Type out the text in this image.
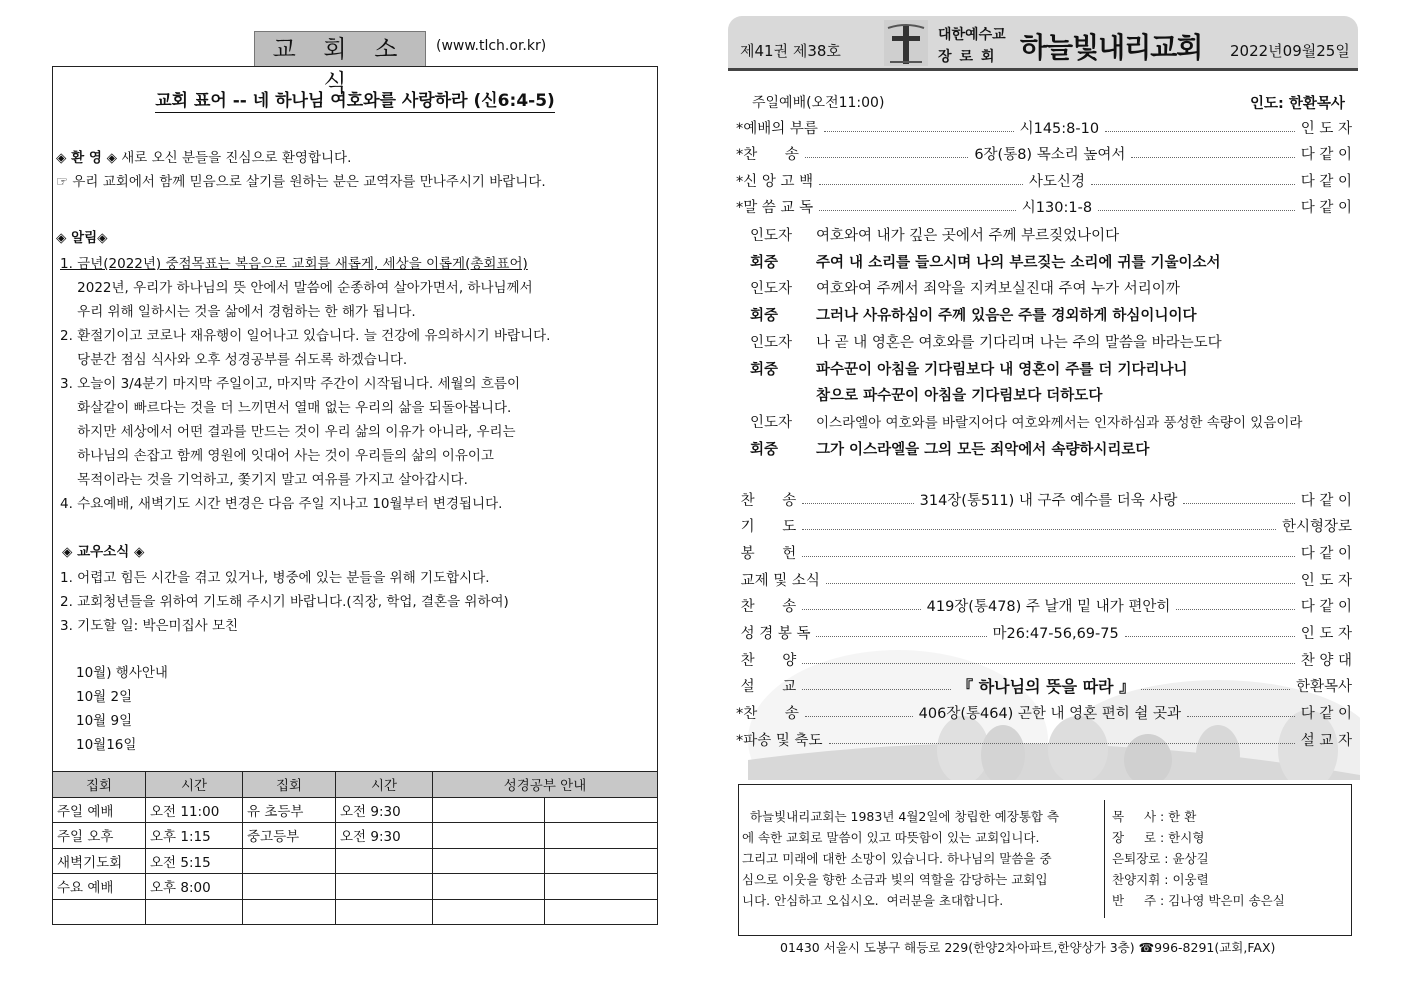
교 회 소 식
(www.tlch.or.kr)
교회 표어 -- 네 하나님 여호와를 사랑하라 (신6:4-5)
◈ 환 영 ◈ 새로 오신 분들을 진심으로 환영합니다.
☞ 우리 교회에서 함께 믿음으로 살기를 원하는 분은 교역자를 만나주시기 바랍니다.
◈ 알림◈
1. 금년(2022년) 중점목표는 복음으로 교회를 새롭게, 세상을 이롭게(총회표어)
2022년, 우리가 하나님의 뜻 안에서 말씀에 순종하여 살아가면서, 하나님께서
우리 위해 일하시는 것을 삶에서 경험하는 한 해가 됩니다.
2. 환절기이고 코로나 재유행이 일어나고 있습니다. 늘 건강에 유의하시기 바랍니다.
당분간 점심 식사와 오후 성경공부를 쉬도록 하겠습니다.
3. 오늘이 3/4분기 마지막 주일이고, 마지막 주간이 시작됩니다. 세월의 흐름이
화살같이 빠르다는 것을 더 느끼면서 열매 없는 우리의 삶을 되돌아봅니다.
하지만 세상에서 어떤 결과를 만드는 것이 우리 삶의 이유가 아니라, 우리는
하나님의 손잡고 함께 영원에 잇대어 사는 것이 우리들의 삶의 이유이고
목적이라는 것을 기억하고, 쫓기지 말고 여유를 가지고 살아갑시다.
4. 수요예배, 새벽기도 시간 변경은 다음 주일 지나고 10월부터 변경됩니다.
◈ 교우소식 ◈
1. 어렵고 힘든 시간을 겪고 있거나, 병중에 있는 분들을 위해 기도합시다.
2. 교회청년들을 위하여 기도해 주시기 바랍니다.(직장, 학업, 결혼을 위하여)
3. 기도할 일: 박은미집사 모친
10월) 행사안내
10월 2일
10월 9일
10월16일
집회	시간	집회	시간	성경공부 안내	
주일 예배	오전 11:00	유 초등부	오전 9:30		
주일 오후	오후 1:15	중고등부	오전 9:30		
새벽기도회	오전 5:15				
수요 예배	오후 8:00				

제41권 제38호
대한예수교
장로회 하늘빛내리교회 2022년09월25일
주일예배(오전11:00)	인도: 한환목사
*예배의 부름	시145:8-10	인 도 자
*찬      송	6장(통8) 목소리 높여서	다 같 이
*신 앙 고 백	사도신경	다 같 이
*말 씀 교 독	시130:1-8	다 같 이
인도자 여호와여 내가 깊은 곳에서 주께 부르짖었나이다
회중	주여 내 소리를 들으시며 나의 부르짖는 소리에 귀를 기울이소서
인도자 여호와여 주께서 죄악을 지켜보실진대 주여 누가 서리이까
회중	그러나 사유하심이 주께 있음은 주를 경외하게 하심이니이다
인도자 나 곧 내 영혼은 여호와를 기다리며 나는 주의 말씀을 바라는도다
회중	파수꾼이 아침을 기다림보다 내 영혼이 주를 더 기다리나니
참으로 파수꾼이 아침을 기다림보다 더하도다
인도자 이스라엘아 여호와를 바랄지어다 여호와께서는 인자하심과 풍성한 속량이 있음이라
회중	그가 이스라엘을 그의 모든 죄악에서 속량하시리로다
찬      송	314장(통511) 내 구주 예수를 더욱 사랑	다 같 이
기      도	한시형장로
봉      헌	다 같 이
교제 및 소식	인 도 자
찬      송	419장(통478) 주 날개 밑 내가 편안히	다 같 이
성 경 봉 독	마26:47-56,69-75	인 도 자
찬      양	찬 양 대
설      교	『 하나님의 뜻을 따라 』	한환목사
*찬      송	406장(통464) 곤한 내 영혼 편히 쉴 곳과	다 같 이
*파송 및 축도	설 교 자
하늘빛내리교회는 1983년 4월2일에 창립한 예장통합 측
에 속한 교회로 말씀이 있고 따뜻함이 있는 교회입니다.
그리고 미래에 대한 소망이 있습니다. 하나님의 말씀을 중
심으로 이웃을 향한 소금과 빛의 역할을 감당하는 교회입
니다. 안심하고 오십시오.  여러분을 초대합니다.
목     사 : 한 환
장     로 : 한시형
은퇴장로 : 윤상길
찬양지휘 : 이웅렬
반     주 : 김나영 박은미 송은실
01430 서울시 도봉구 해등로 229(한양2차아파트,한양상가 3층) ☎996-8291(교회,FAX)
